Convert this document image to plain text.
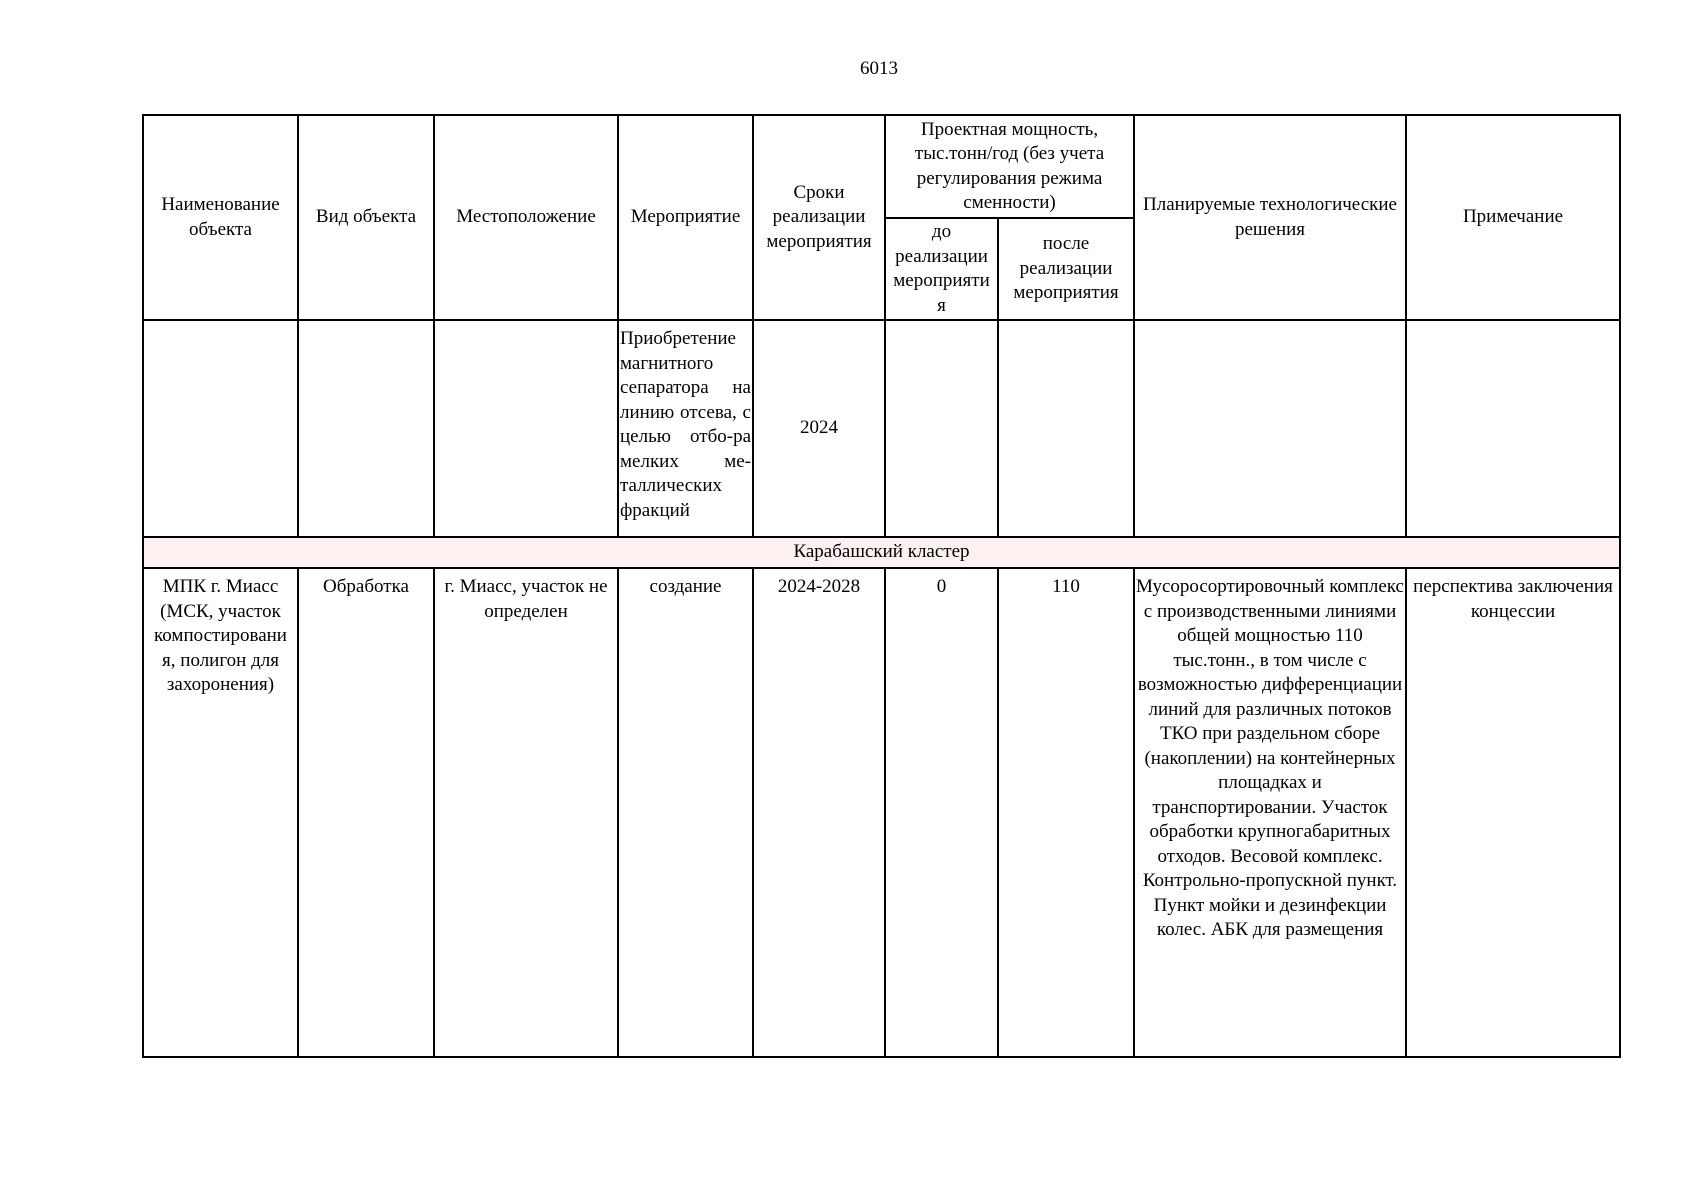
6013
Наименование объекта	Вид объекта	Местоположение	Мероприятие	Сроки реализации мероприятия	Проектная мощность, тыс.тонн/год (без учета регулирования режима сменности)		Планируемые технологические решения	Примечание
					до реализации мероприяти я	после реализации мероприятия		
			Приобретение магнитного сепаратора на линию отсева, с целью отбо-ра мелких ме-таллических фракций	2024				
Карабашский кластер								
МПК г. Миасс (МСК, участок компостировани я, полигон для захоронения)	Обработка	г. Миасс, участок не определен	создание	2024-2028	0	110	Мусоросортировочный комплекс с производственными линиями общей мощностью 110 тыс.тонн., в том числе с возможностью дифференциации линий для различных потоков ТКО при раздельном сборе (накоплении) на контейнерных площадках и транспортировании. Участок обработки крупногабаритных отходов. Весовой комплекс. Контрольно-пропускной пункт. Пункт мойки и дезинфекции колес. АБК для размещения	перспектива заключения концессии
